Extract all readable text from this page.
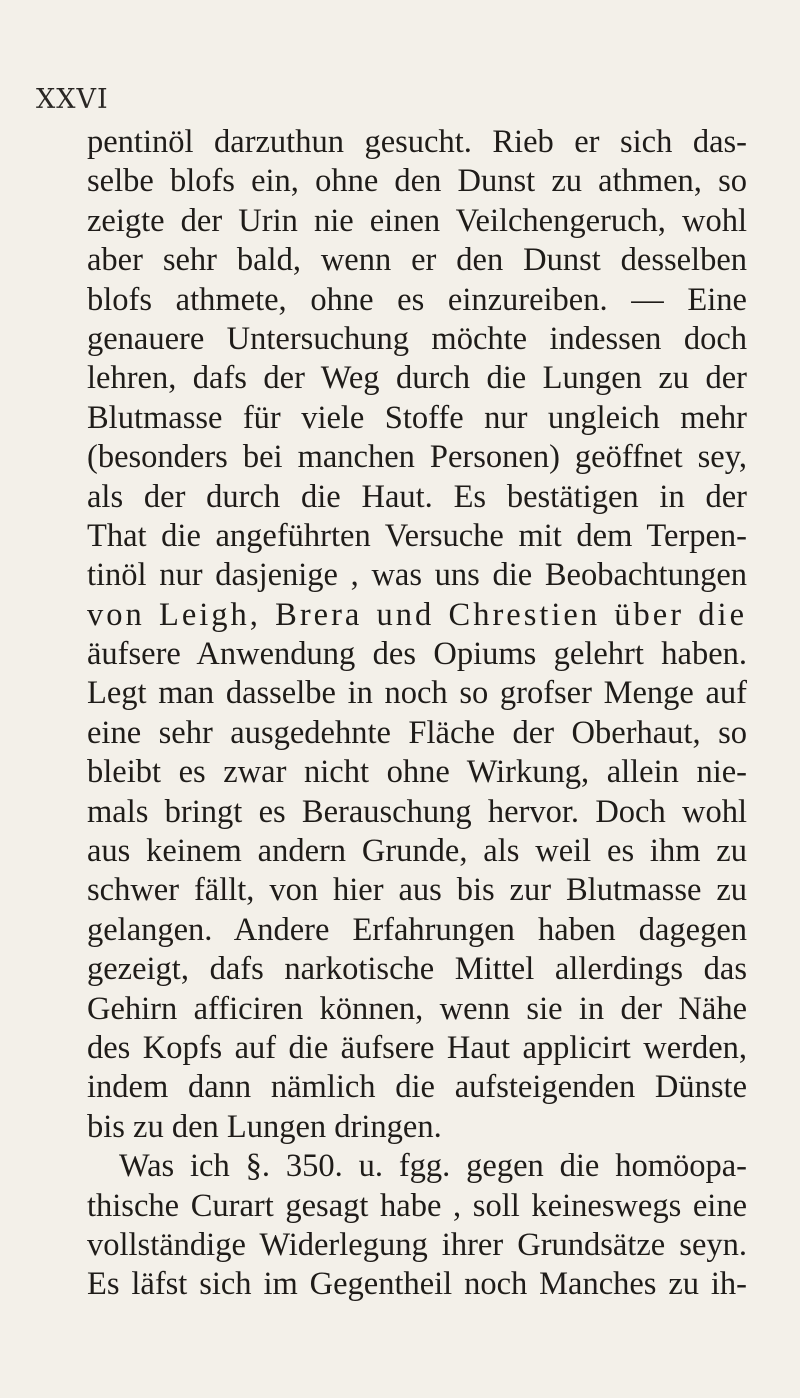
XXVI
pentinöl darzuthun gesucht. Rieb er sich das-
selbe blofs ein, ohne den Dunst zu athmen, so
zeigte der Urin nie einen Veilchengeruch, wohl
aber sehr bald, wenn er den Dunst desselben
blofs athmete, ohne es einzureiben. — Eine
genauere Untersuchung möchte indessen doch
lehren, dafs der Weg durch die Lungen zu der
Blutmasse für viele Stoffe nur ungleich mehr
(besonders bei manchen Personen) geöffnet sey,
als der durch die Haut. Es bestätigen in der
That die angeführten Versuche mit dem Terpen-
tinöl nur dasjenige , was uns die Beobachtungen
von Leigh, Brera und Chrestien über die
äufsere Anwendung des Opiums gelehrt haben.
Legt man dasselbe in noch so grofser Menge auf
eine sehr ausgedehnte Fläche der Oberhaut, so
bleibt es zwar nicht ohne Wirkung, allein nie-
mals bringt es Berauschung hervor. Doch wohl
aus keinem andern Grunde, als weil es ihm zu
schwer fällt, von hier aus bis zur Blutmasse zu
gelangen. Andere Erfahrungen haben dagegen
gezeigt, dafs narkotische Mittel allerdings das
Gehirn afficiren können, wenn sie in der Nähe
des Kopfs auf die äufsere Haut applicirt werden,
indem dann nämlich die aufsteigenden Dünste
bis zu den Lungen dringen.
Was ich §. 350. u. fgg. gegen die homöopa-
thische Curart gesagt habe , soll keineswegs eine
vollständige Widerlegung ihrer Grundsätze seyn.
Es läfst sich im Gegentheil noch Manches zu ih-
